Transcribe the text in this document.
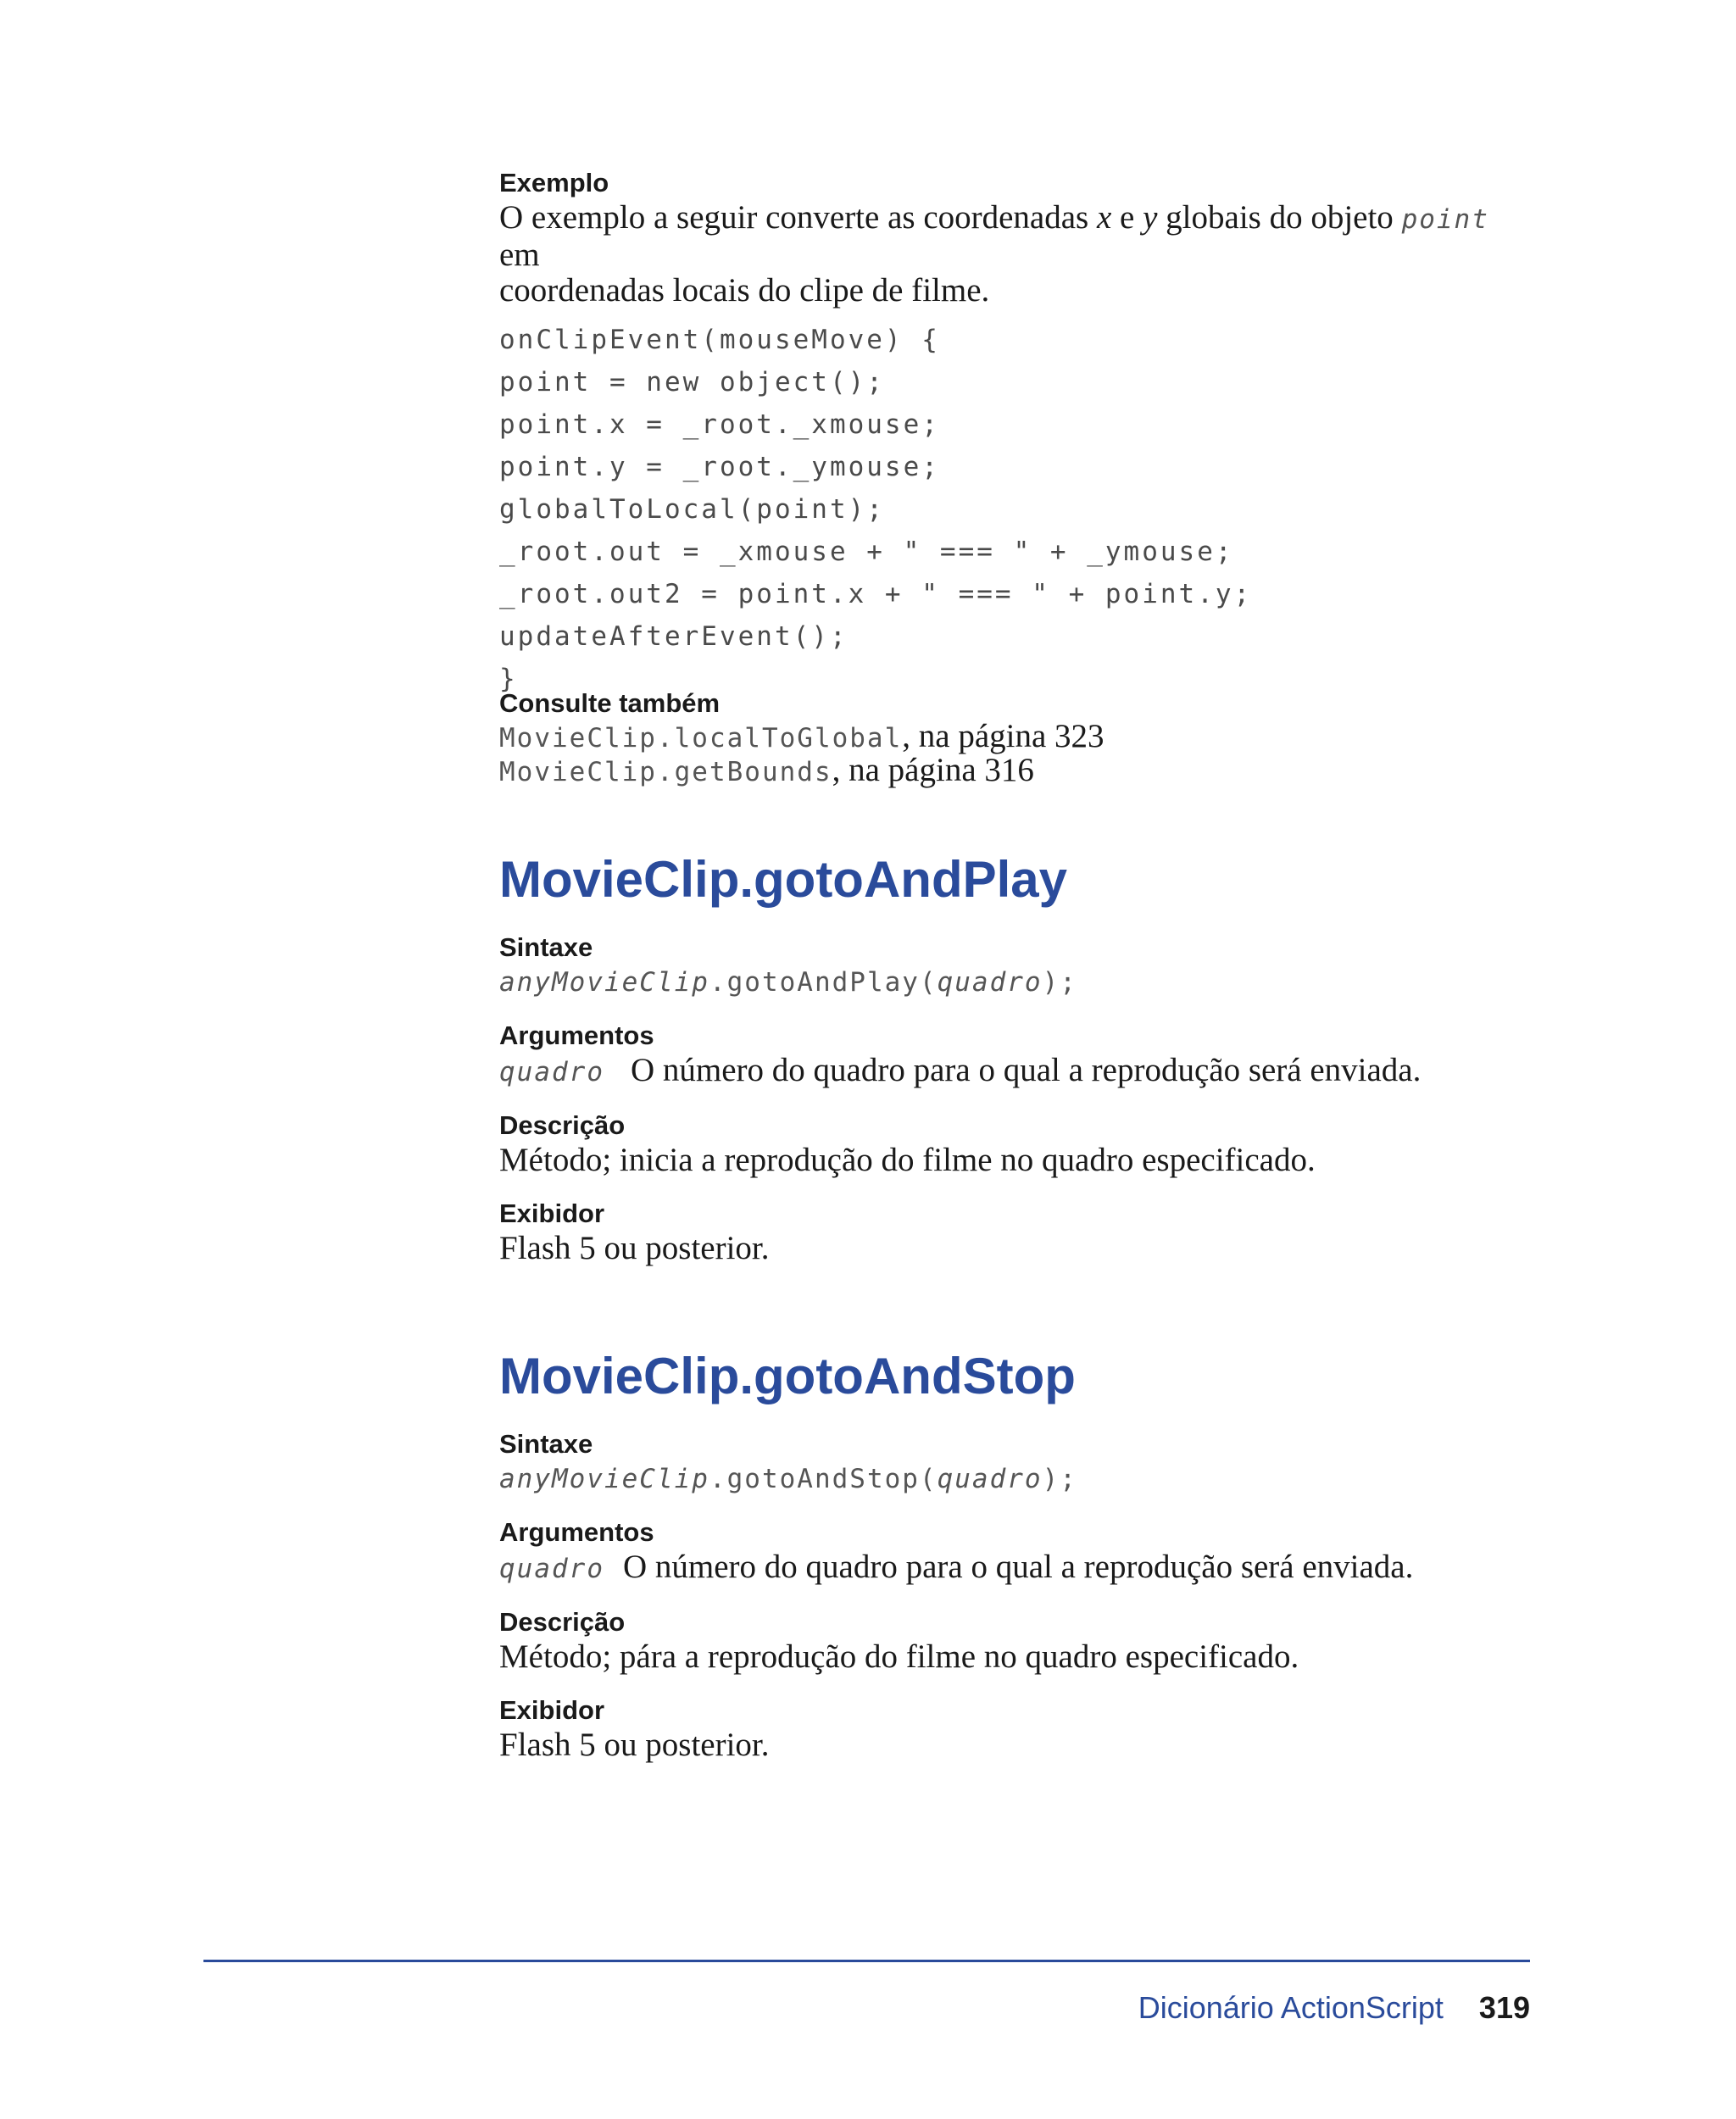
Exemplo

O exemplo a seguir converte as coordenadas x e y globais do objeto point em
coordenadas locais do clipe de filme.

onClipEvent(mouseMove) {

point = new object();

point.x = _root._xmouse;

point.y = _root._ymouse;

globalToLocal(point);

_root.out = _xmouse + " === " + _ymouse;

_root.out2 = point.x + " === " + point.y;

updateAfterEvent();

}

Consulte também

MovieClip.localToGlobal, na página 323

MovieClip.getBounds, na página 316

MovieClip.gotoAndPlay

Sintaxe

anyMovieClip.gotoAndPlay(quadro);

Argumentos

quadro O número do quadro para o qual a reprodução será enviada.

Descrição

Método; inicia a reprodução do filme no quadro especificado.

Exibidor

Flash 5 ou posterior.

MovieClip.gotoAndStop

Sintaxe

anyMovieClip.gotoAndStop(quadro);

Argumentos

quadro O número do quadro para o qual a reprodução será enviada.

Descrição

Método; pára a reprodução do filme no quadro especificado.

Exibidor

Flash 5 ou posterior.

Dicionário ActionScript 319
